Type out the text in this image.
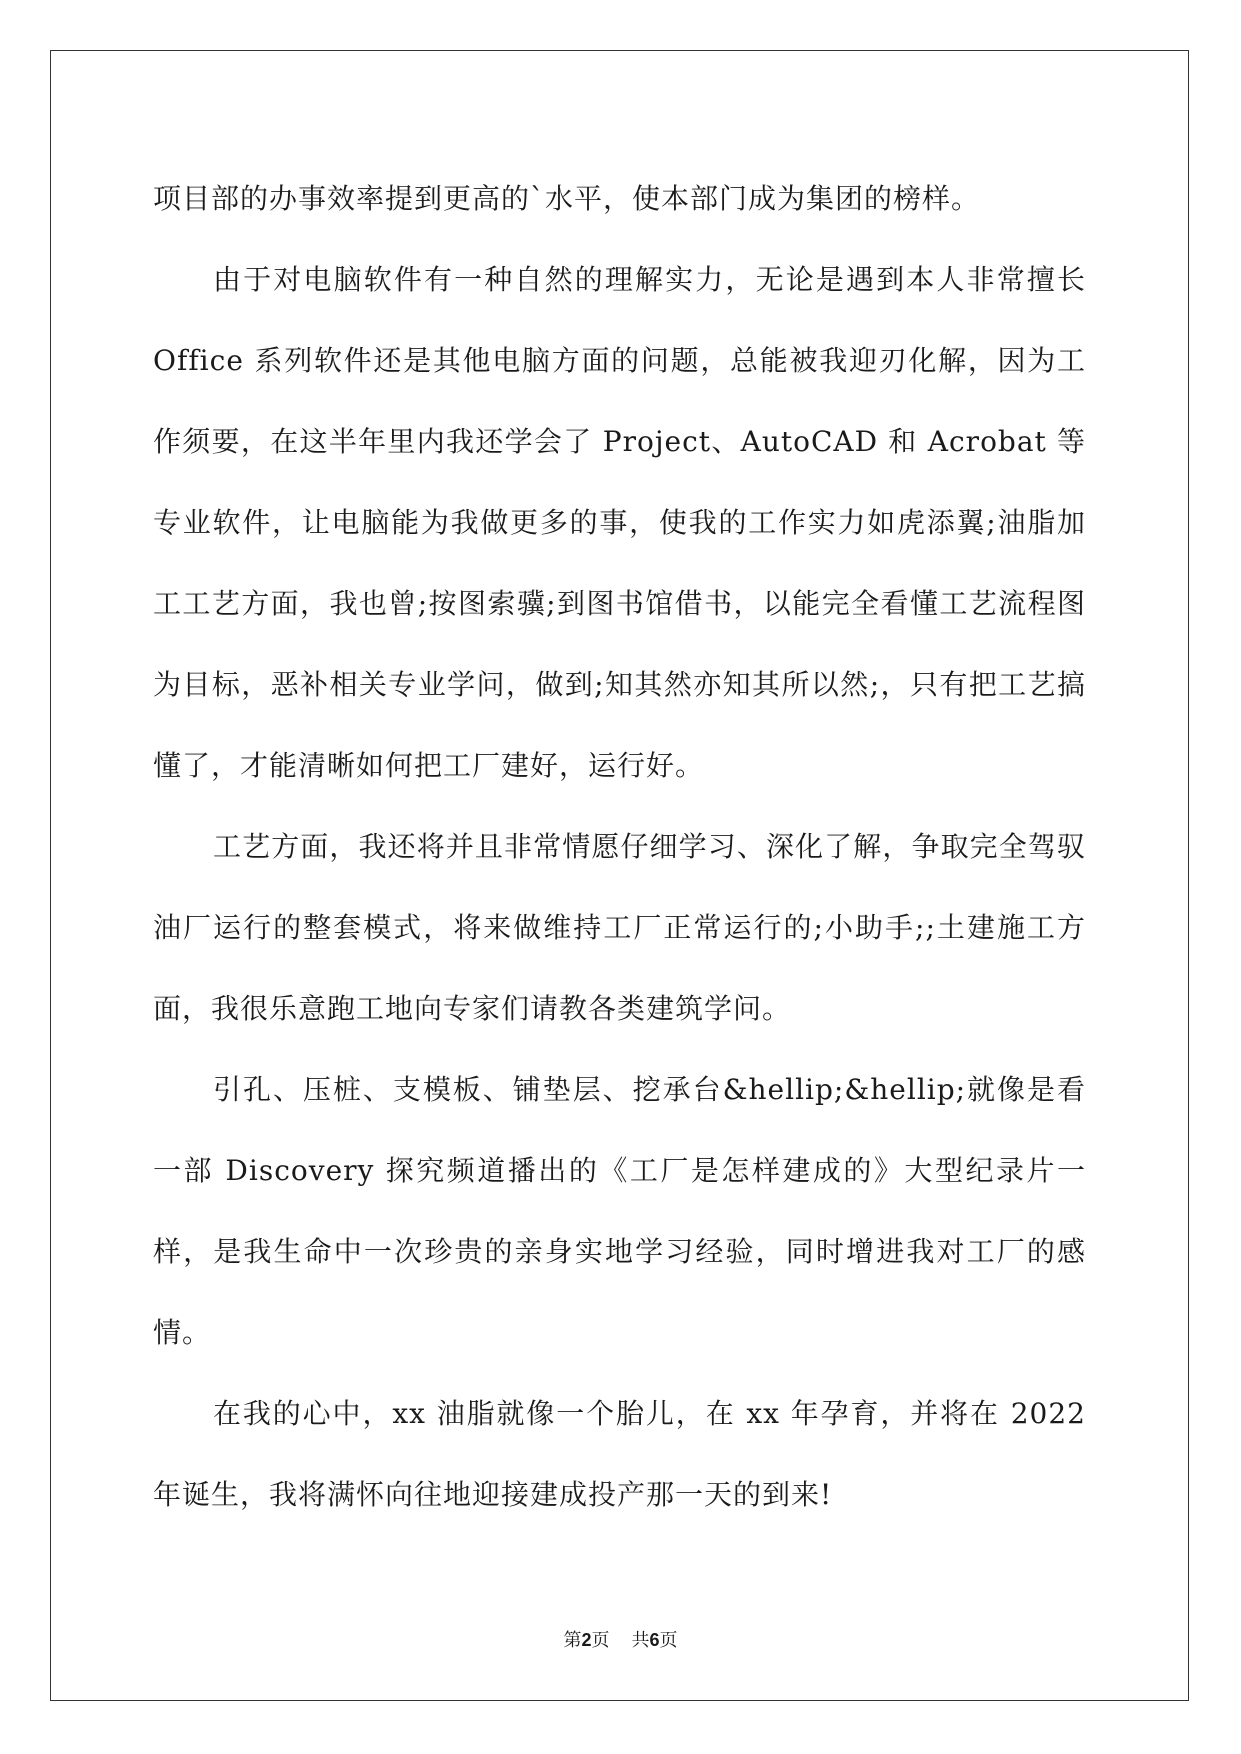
项目部的办事效率提到更高的`水平，使本部门成为集团的榜样。

由于对电脑软件有一种自然的理解实力，无论是遇到本人非常擅长 Office 系列软件还是其他电脑方面的问题，总能被我迎刃化解，因为工作须要，在这半年里内我还学会了 Project、AutoCAD 和 Acrobat 等专业软件，让电脑能为我做更多的事，使我的工作实力如虎添翼;油脂加工工艺方面，我也曾;按图索骥;到图书馆借书，以能完全看懂工艺流程图为目标，恶补相关专业学问，做到;知其然亦知其所以然;，只有把工艺搞懂了，才能清晰如何把工厂建好，运行好。

工艺方面，我还将并且非常情愿仔细学习、深化了解，争取完全驾驭油厂运行的整套模式，将来做维持工厂正常运行的;小助手;;土建施工方面，我很乐意跑工地向专家们请教各类建筑学问。

引孔、压桩、支模板、铺垫层、挖承台&hellip;&hellip;就像是看一部 Discovery 探究频道播出的《工厂是怎样建成的》大型纪录片一样，是我生命中一次珍贵的亲身实地学习经验，同时增进我对工厂的感情。

在我的心中，xx 油脂就像一个胎儿，在 xx 年孕育，并将在 2022 年诞生，我将满怀向往地迎接建成投产那一天的到来!

第2页 共6页
